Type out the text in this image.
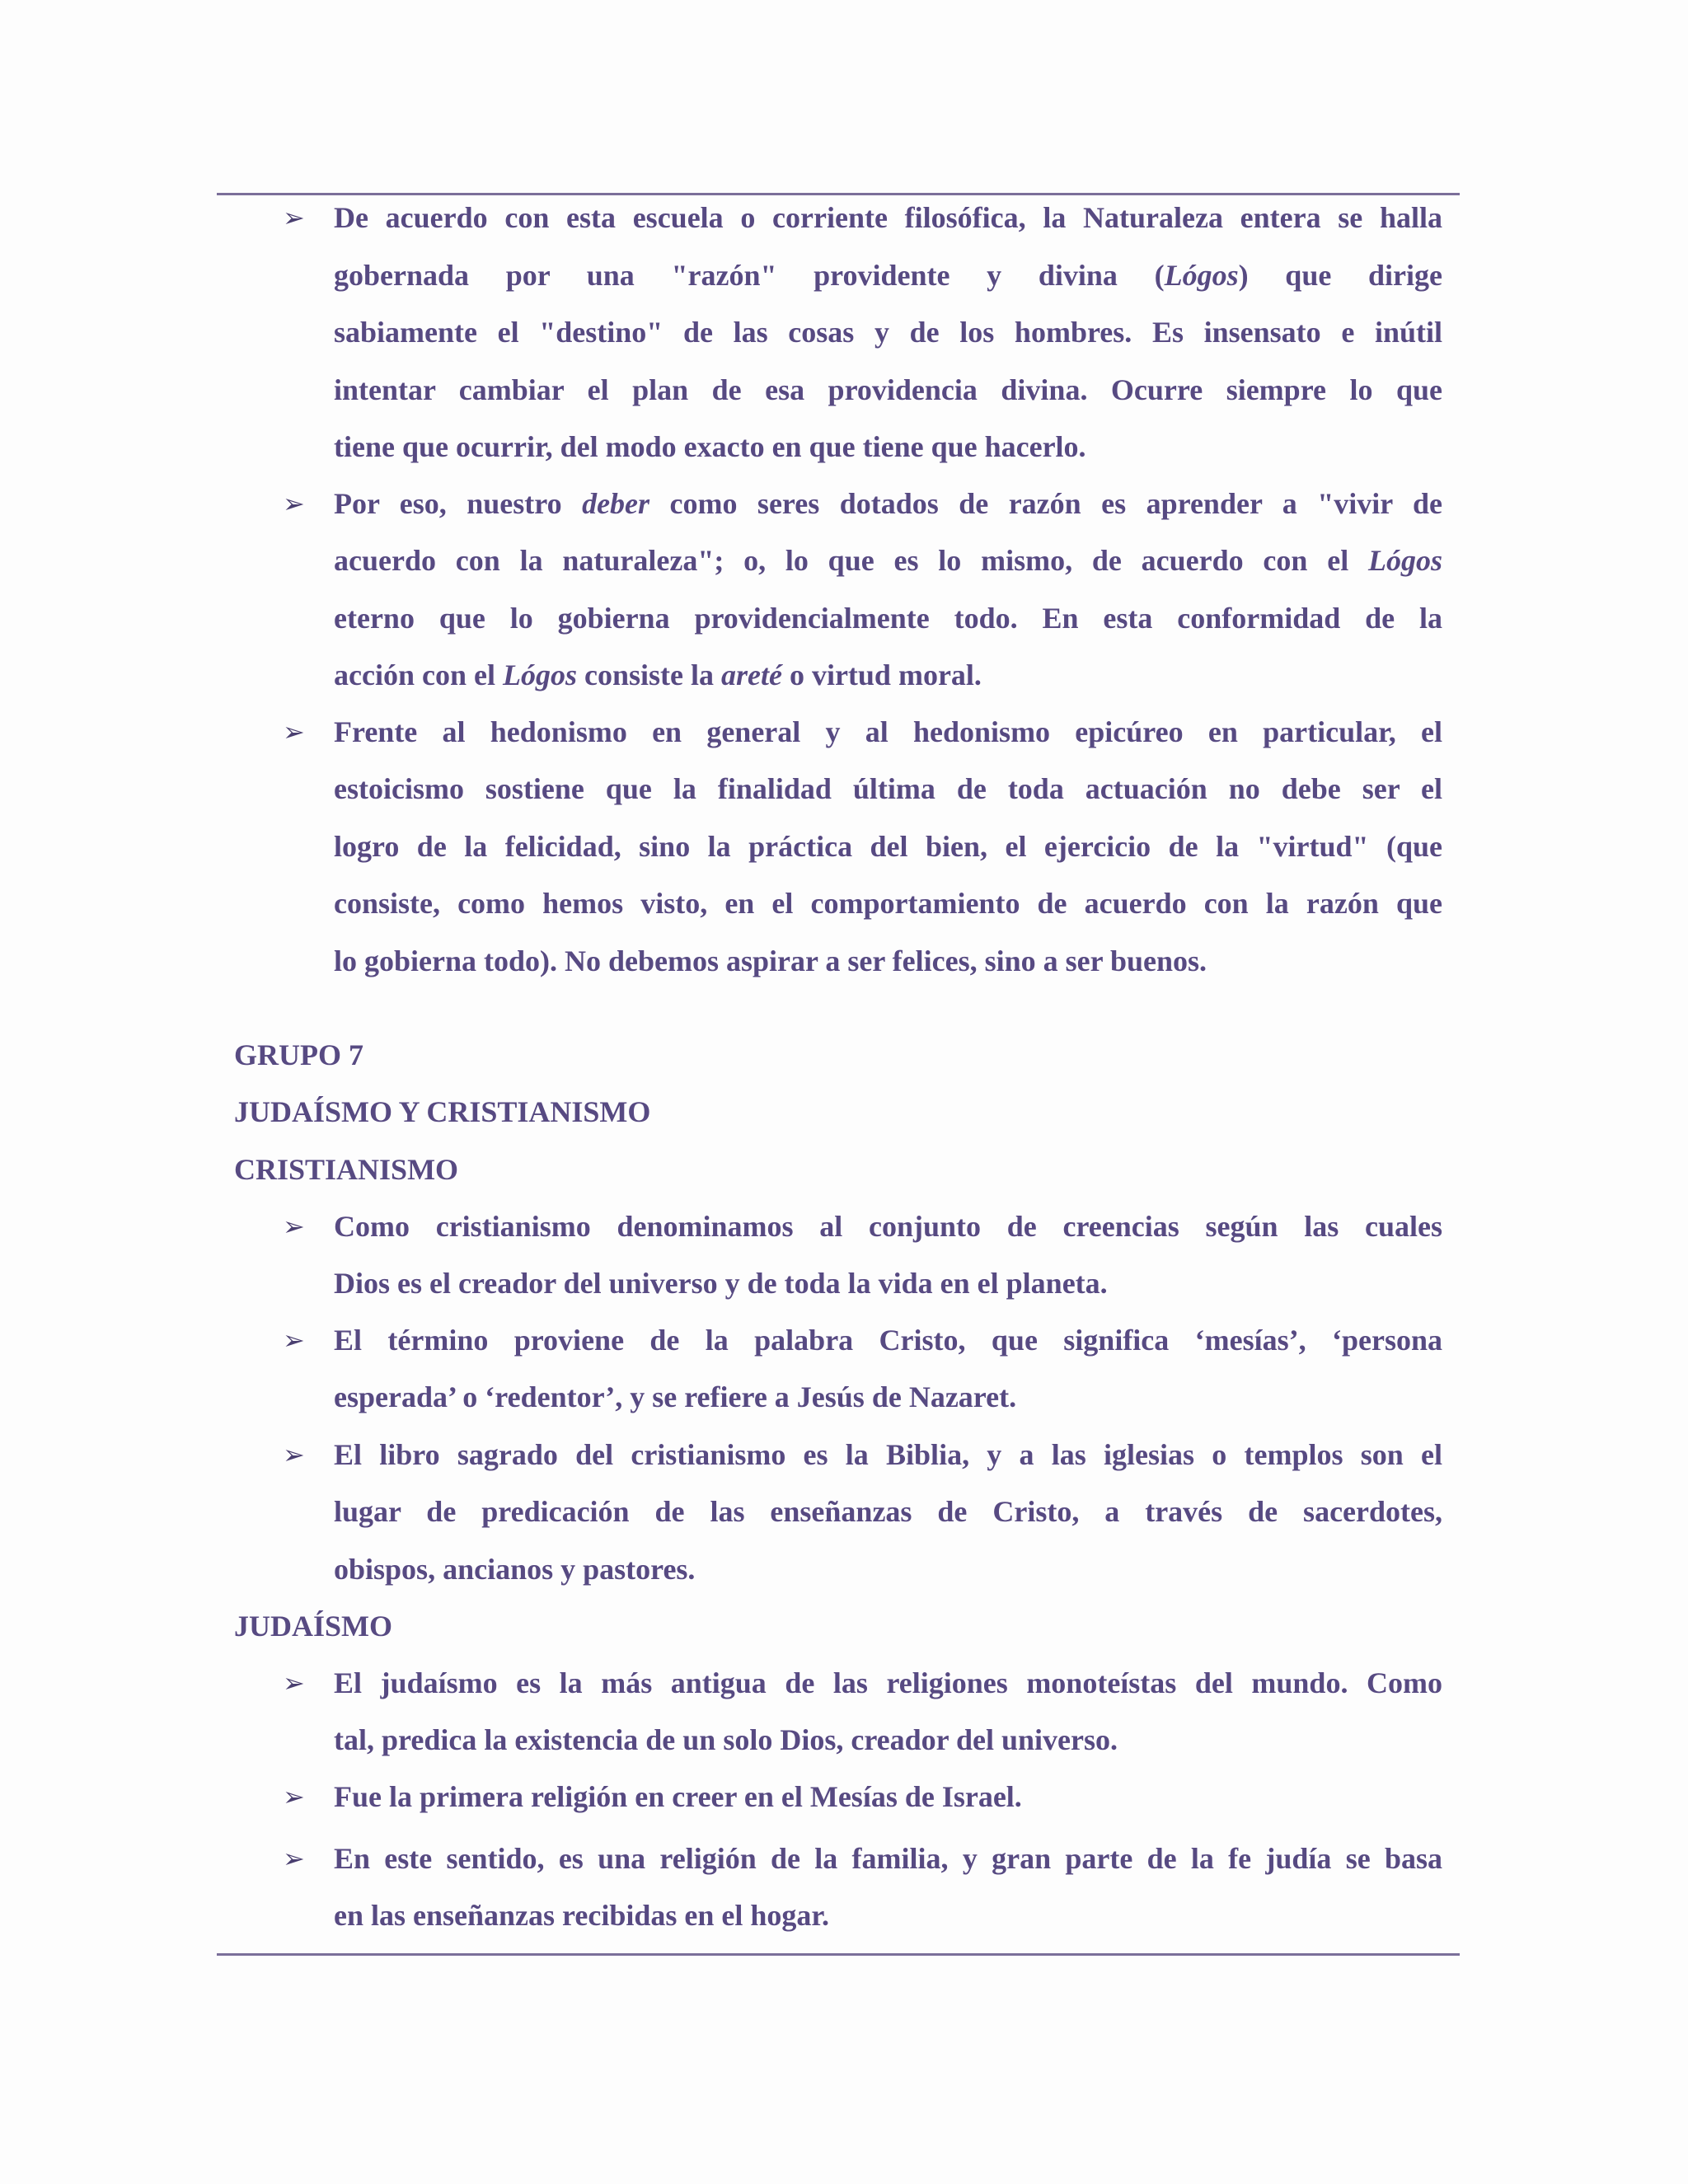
➢ De acuerdo con esta escuela o corriente filosófica, la Naturaleza entera se halla
gobernada por una "razón" providente y divina (Lógos) que dirige
sabiamente el "destino" de las cosas y de los hombres. Es insensato e inútil
intentar cambiar el plan de esa providencia divina. Ocurre siempre lo que
tiene que ocurrir, del modo exacto en que tiene que hacerlo.
➢ Por eso, nuestro deber como seres dotados de razón es aprender a "vivir de
acuerdo con la naturaleza"; o, lo que es lo mismo, de acuerdo con el Lógos
eterno que lo gobierna providencialmente todo. En esta conformidad de la
acción con el Lógos consiste la areté o virtud moral.
➢ Frente al hedonismo en general y al hedonismo epicúreo en particular, el
estoicismo sostiene que la finalidad última de toda actuación no debe ser el
logro de la felicidad, sino la práctica del bien, el ejercicio de la "virtud" (que
consiste, como hemos visto, en el comportamiento de acuerdo con la razón que
lo gobierna todo). No debemos aspirar a ser felices, sino a ser buenos.
GRUPO 7
JUDAÍSMO Y CRISTIANISMO
CRISTIANISMO
➢ Como cristianismo denominamos al conjunto de creencias según las cuales
Dios es el creador del universo y de toda la vida en el planeta.
➢ El término proviene de la palabra Cristo, que significa ‘mesías’, ‘persona
esperada’ o ‘redentor’, y se refiere a Jesús de Nazaret.
➢ El libro sagrado del cristianismo es la Biblia, y a las iglesias o templos son el
lugar de predicación de las enseñanzas de Cristo, a través de sacerdotes,
obispos, ancianos y pastores.
JUDAÍSMO
➢ El judaísmo es la más antigua de las religiones monoteístas del mundo. Como
tal, predica la existencia de un solo Dios, creador del universo.
➢ Fue la primera religión en creer en el Mesías de Israel.
➢ En este sentido, es una religión de la familia, y gran parte de la fe judía se basa
en las enseñanzas recibidas en el hogar.
